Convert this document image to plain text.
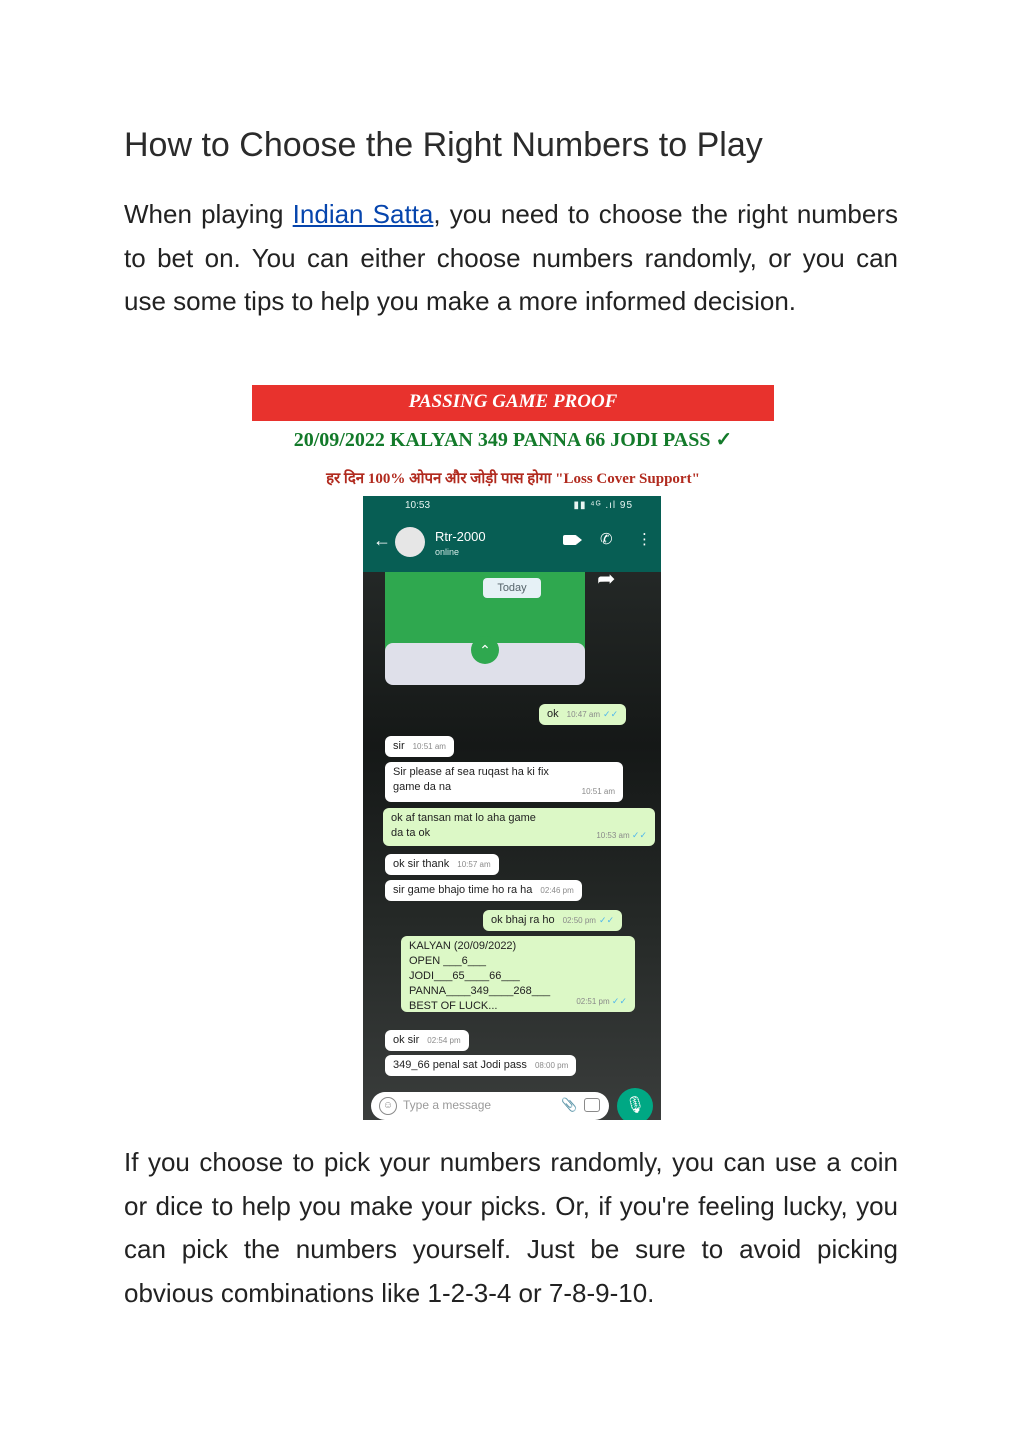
How to Choose the Right Numbers to Play

When playing Indian Satta, you need to choose the right numbers to bet on. You can either choose numbers randomly, or you can use some tips to help you make a more informed decision.

PASSING GAME PROOF
20/09/2022 KALYAN 349 PANNA 66 JODI PASS ✓
हर दिन 100% ओपन और जोड़ी पास होगा "Loss Cover Support"
10:53	▮▮ ⁴ᴳ .ıl 95
←	Rtr-2000
online
✆ ⋮
Today
⌃
➦
ok 10:47 am ✓✓
sir 10:51 am
Sir please af sea ruqast ha ki fix game da na	10:51 am
ok af tansan mat lo aha game da ta ok	10:53 am ✓✓
ok sir thank 10:57 am
sir game bhajo time ho ra ha 02:46 pm
ok bhaj ra ho 02:50 pm ✓✓
KALYAN (20/09/2022)
OPEN ___6___
JODI___65____66___
PANNA____349____268___
BEST OF LUCK...	02:51 pm ✓✓
ok sir 02:54 pm
349_66 penal sat Jodi pass 08:00 pm
☺ Type a message	📎	🎙

If you choose to pick your numbers randomly, you can use a coin or dice to help you make your picks. Or, if you're feeling lucky, you can pick the numbers yourself. Just be sure to avoid picking obvious combinations like 1-2-3-4 or 7-8-9-10.
